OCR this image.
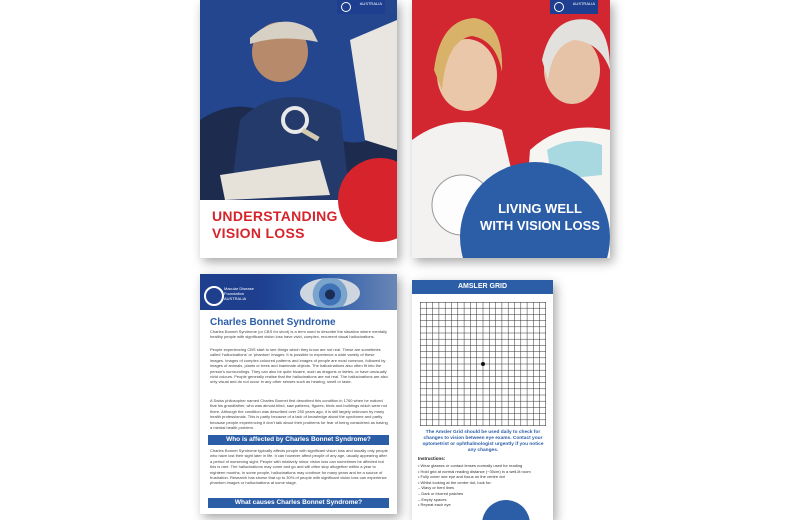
AUSTRALIA
UNDERSTANDING
VISION LOSS
AUSTRALIA
LIVING WELL
WITH VISION LOSS
Macular Disease Foundation AUSTRALIA
Charles Bonnet Syndrome
Charles Bonnet Syndrome (or CBS for short) is a term used to describe the situation where mentally healthy people with significant vision loss have vivid, complex, recurrent visual hallucinations.
People experiencing CBS start to see things which they know are not real. These are sometimes called 'hallucinations' or 'phantom' images. It is possible to experience a wide variety of these images. Images of complex coloured patterns and images of people are most common, followed by images of animals, plants or trees and inanimate objects. The hallucinations also often fit into the person's surroundings. They can also be quite bizarre, such as dragons or fairies, or have unusually vivid colours. People generally realise that the hallucinations are not real. The hallucinations are also only visual and do not occur in any other senses such as hearing, smell or taste.
A Swiss philosopher named Charles Bonnet first described this condition in 1760 when he noticed that his grandfather, who was almost blind, saw patterns, figures, birds and buildings which were not there. Although the condition was described over 250 years ago, it is still largely unknown by many health professionals. This is partly because of a lack of knowledge about the syndrome and partly because people experiencing it don't talk about their problems for fear of being considered as having a mental health problem.
Who is affected by Charles Bonnet Syndrome?
Charles Bonnet Syndrome typically affects people with significant vision loss and usually only people who have lost their sight later in life. It can however affect people of any age, usually appearing after a period of worsening sight. People with relatively minor vision loss can sometimes be affected but this is rare. The hallucinations may come and go and will often stop altogether within a year to eighteen months. In some people, hallucinations may continue for many years and be a source of frustration. Research has shown that up to 30% of people with significant vision loss can experience phantom images or hallucinations at some stage.
What causes Charles Bonnet Syndrome?
AMSLER GRID
The Amsler Grid should be used daily to check for changes to vision between eye exams. Contact your optometrist or ophthalmologist urgently if you notice any changes.
Instructions:
• Wear glasses or contact lenses normally used for reading
• Hold grid at normal reading distance (~30cm) in a well-lit room
• Fully cover one eye and focus on the centre dot
• Whilst looking at the centre dot, look for:
– Wavy or bent lines
– Dark or blurred patches
– Empty spaces
• Repeat each eye
